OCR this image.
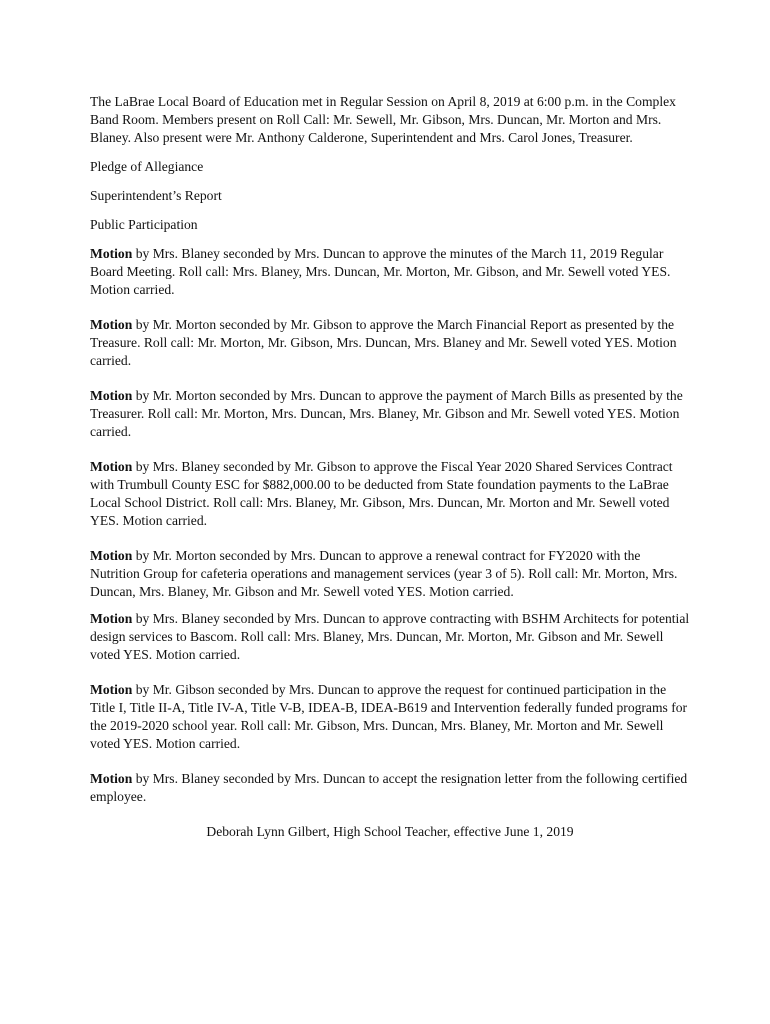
The LaBrae Local Board of Education met in Regular Session on April 8, 2019 at 6:00 p.m. in the Complex Band Room. Members present on Roll Call: Mr. Sewell, Mr. Gibson, Mrs. Duncan, Mr. Morton and Mrs. Blaney. Also present were Mr. Anthony Calderone, Superintendent and Mrs. Carol Jones, Treasurer.

Pledge of Allegiance

Superintendent’s Report

Public Participation

Motion by Mrs. Blaney seconded by Mrs. Duncan to approve the minutes of the March 11, 2019 Regular Board Meeting. Roll call: Mrs. Blaney, Mrs. Duncan, Mr. Morton, Mr. Gibson, and Mr. Sewell voted YES. Motion carried.

Motion by Mr. Morton seconded by Mr. Gibson to approve the March Financial Report as presented by the Treasure. Roll call: Mr. Morton, Mr. Gibson, Mrs. Duncan, Mrs. Blaney and Mr. Sewell voted YES. Motion carried.

Motion by Mr. Morton seconded by Mrs. Duncan to approve the payment of March Bills as presented by the Treasurer. Roll call: Mr. Morton, Mrs. Duncan, Mrs. Blaney, Mr. Gibson and Mr. Sewell voted YES. Motion carried.

Motion by Mrs. Blaney seconded by Mr. Gibson to approve the Fiscal Year 2020 Shared Services Contract with Trumbull County ESC for $882,000.00 to be deducted from State foundation payments to the LaBrae Local School District. Roll call: Mrs. Blaney, Mr. Gibson, Mrs. Duncan, Mr. Morton and Mr. Sewell voted YES. Motion carried.

Motion by Mr. Morton seconded by Mrs. Duncan to approve a renewal contract for FY2020 with the Nutrition Group for cafeteria operations and management services (year 3 of 5). Roll call: Mr. Morton, Mrs. Duncan, Mrs. Blaney, Mr. Gibson and Mr. Sewell voted YES. Motion carried.

Motion by Mrs. Blaney seconded by Mrs. Duncan to approve contracting with BSHM Architects for potential design services to Bascom. Roll call: Mrs. Blaney, Mrs. Duncan, Mr. Morton, Mr. Gibson and Mr. Sewell voted YES. Motion carried.

Motion by Mr. Gibson seconded by Mrs. Duncan to approve the request for continued participation in the Title I, Title II-A, Title IV-A, Title V-B, IDEA-B, IDEA-B619 and Intervention federally funded programs for the 2019-2020 school year. Roll call: Mr. Gibson, Mrs. Duncan, Mrs. Blaney, Mr. Morton and Mr. Sewell voted YES. Motion carried.

Motion by Mrs. Blaney seconded by Mrs. Duncan to accept the resignation letter from the following certified employee.

Deborah Lynn Gilbert, High School Teacher, effective June 1, 2019
